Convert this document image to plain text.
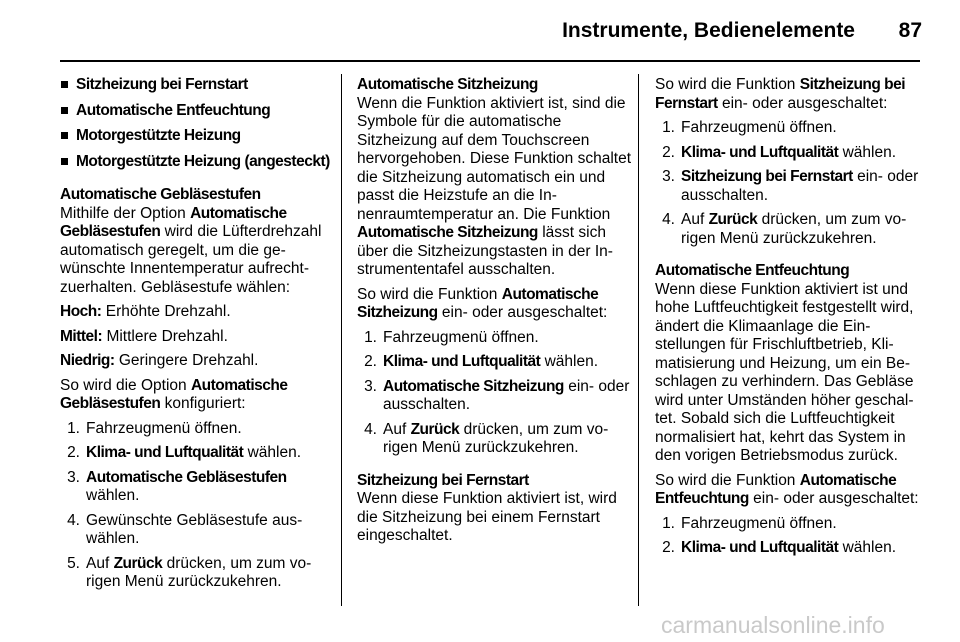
Instrumente, Bedienelemente 87
Sitzheizung bei Fernstart
Automatische Entfeuchtung
Motorgestützte Heizung
Motorgestützte Heizung (angesteckt)
Automatische Gebläsestufen

Mithilfe der Option Automatische Gebläsestufen wird die Lüfterdrehzahl automatisch geregelt, um die gewünschte Innentemperatur aufrechtzuerhalten. Gebläsestufe wählen:

Hoch: Erhöhte Drehzahl.

Mittel: Mittlere Drehzahl.

Niedrig: Geringere Drehzahl.

So wird die Option Automatische Gebläsestufen konfiguriert:

1. Fahrzeugmenü öffnen.
2. Klima- und Luftqualität wählen.
3. Automatische Gebläsestufen wählen.
4. Gewünschte Gebläsestufe auswählen.
5. Auf Zurück drücken, um zum vorigen Menü zurückzukehren.
Automatische Sitzheizung

Wenn die Funktion aktiviert ist, sind die Symbole für die automatische Sitzheizung auf dem Touchscreen hervorgehoben. Diese Funktion schaltet die Sitzheizung automatisch ein und passt die Heizstufe an die Innenraumtemperatur an. Die Funktion Automatische Sitzheizung lässt sich über die Sitzheizungstasten in der Instrumententafel ausschalten.

So wird die Funktion Automatische Sitzheizung ein- oder ausgeschaltet:

1. Fahrzeugmenü öffnen.
2. Klima- und Luftqualität wählen.
3. Automatische Sitzheizung ein- oder ausschalten.
4. Auf Zurück drücken, um zum vorigen Menü zurückzukehren.
Sitzheizung bei Fernstart

Wenn diese Funktion aktiviert ist, wird die Sitzheizung bei einem Fernstart eingeschaltet.

So wird die Funktion Sitzheizung bei Fernstart ein- oder ausgeschaltet:

1. Fahrzeugmenü öffnen.
2. Klima- und Luftqualität wählen.
3. Sitzheizung bei Fernstart ein- oder ausschalten.
4. Auf Zurück drücken, um zum vorigen Menü zurückzukehren.
Automatische Entfeuchtung

Wenn diese Funktion aktiviert ist und hohe Luftfeuchtigkeit festgestellt wird, ändert die Klimaanlage die Einstellungen für Frischluftbetrieb, Klimatisierung und Heizung, um ein Beschlagen zu verhindern. Das Gebläse wird unter Umständen höher geschaltet. Sobald sich die Luftfeuchtigkeit normalisiert hat, kehrt das System in den vorigen Betriebsmodus zurück.

So wird die Funktion Automatische Entfeuchtung ein- oder ausgeschaltet:

1. Fahrzeugmenü öffnen.
2. Klima- und Luftqualität wählen.
carmanualsonline.info
